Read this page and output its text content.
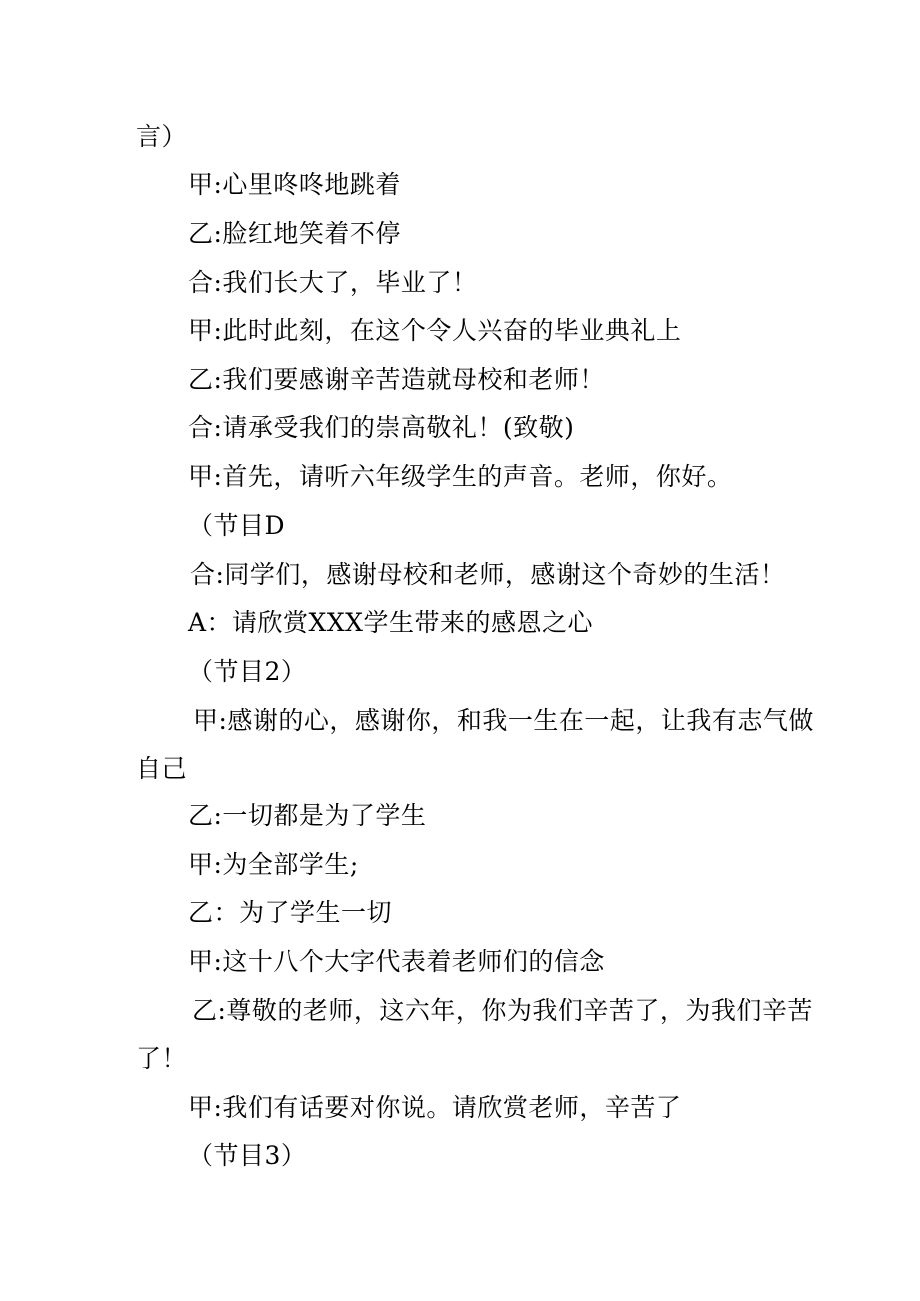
言）
甲:心里咚咚地跳着
乙:脸红地笑着不停
合:我们长大了，毕业了！
甲:此时此刻，在这个令人兴奋的毕业典礼上
乙:我们要感谢辛苦造就母校和老师！
合:请承受我们的崇高敬礼！(致敬)
甲:首先，请听六年级学生的声音。老师，你好。
（节目D
合:同学们，感谢母校和老师，感谢这个奇妙的生活！
A：请欣赏XXX学生带来的感恩之心
（节目2）
甲:感谢的心，感谢你，和我一生在一起，让我有志气做
自己
乙:一切都是为了学生
甲:为全部学生;
乙：为了学生一切
甲:这十八个大字代表着老师们的信念
乙:尊敬的老师，这六年，你为我们辛苦了，为我们辛苦
了！
甲:我们有话要对你说。请欣赏老师，辛苦了
（节目3）
